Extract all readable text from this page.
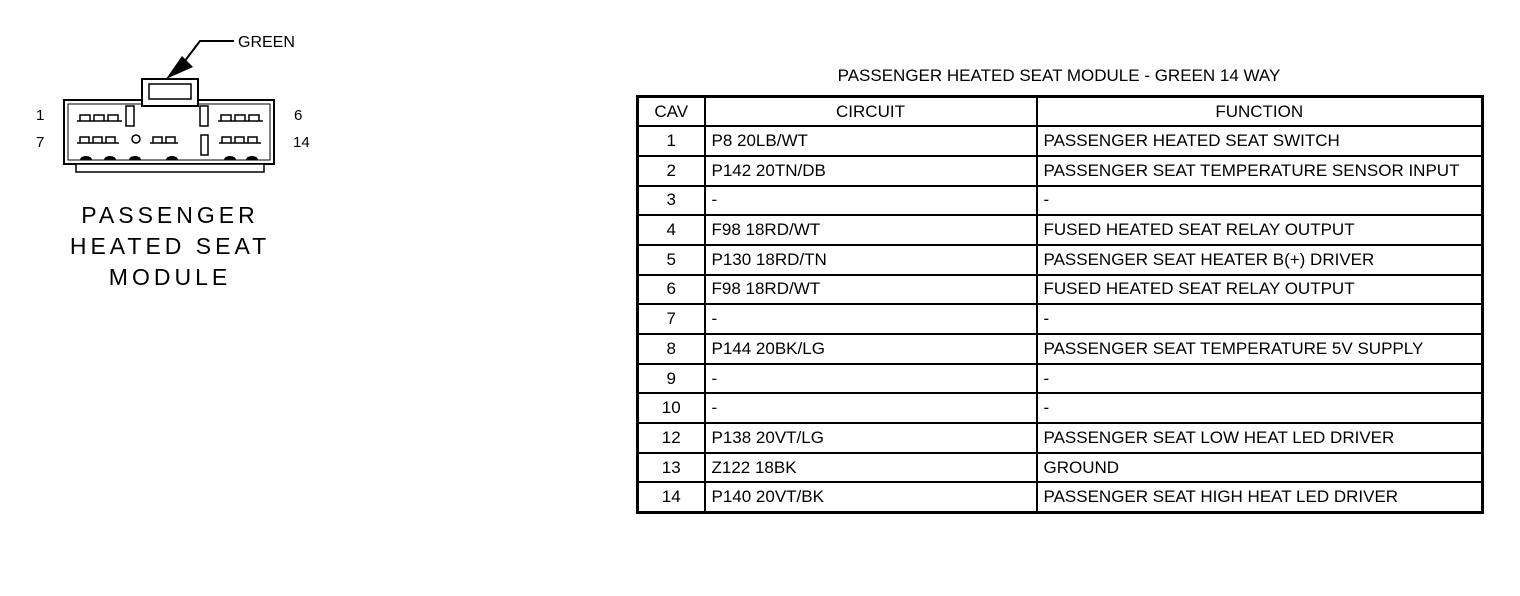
GREEN
1
7
6
14
PASSENGER
HEATED SEAT
MODULE
PASSENGER HEATED SEAT MODULE - GREEN 14 WAY
CAV	CIRCUIT	FUNCTION
1	P8 20LB/WT	PASSENGER HEATED SEAT SWITCH
2	P142 20TN/DB	PASSENGER SEAT TEMPERATURE SENSOR INPUT
3	-	-
4	F98 18RD/WT	FUSED HEATED SEAT RELAY OUTPUT
5	P130 18RD/TN	PASSENGER SEAT HEATER B(+) DRIVER
6	F98 18RD/WT	FUSED HEATED SEAT RELAY OUTPUT
7	-	-
8	P144 20BK/LG	PASSENGER SEAT TEMPERATURE 5V SUPPLY
9	-	-
10	-	-
12	P138 20VT/LG	PASSENGER SEAT LOW HEAT LED DRIVER
13	Z122 18BK	GROUND
14	P140 20VT/BK	PASSENGER SEAT HIGH HEAT LED DRIVER
